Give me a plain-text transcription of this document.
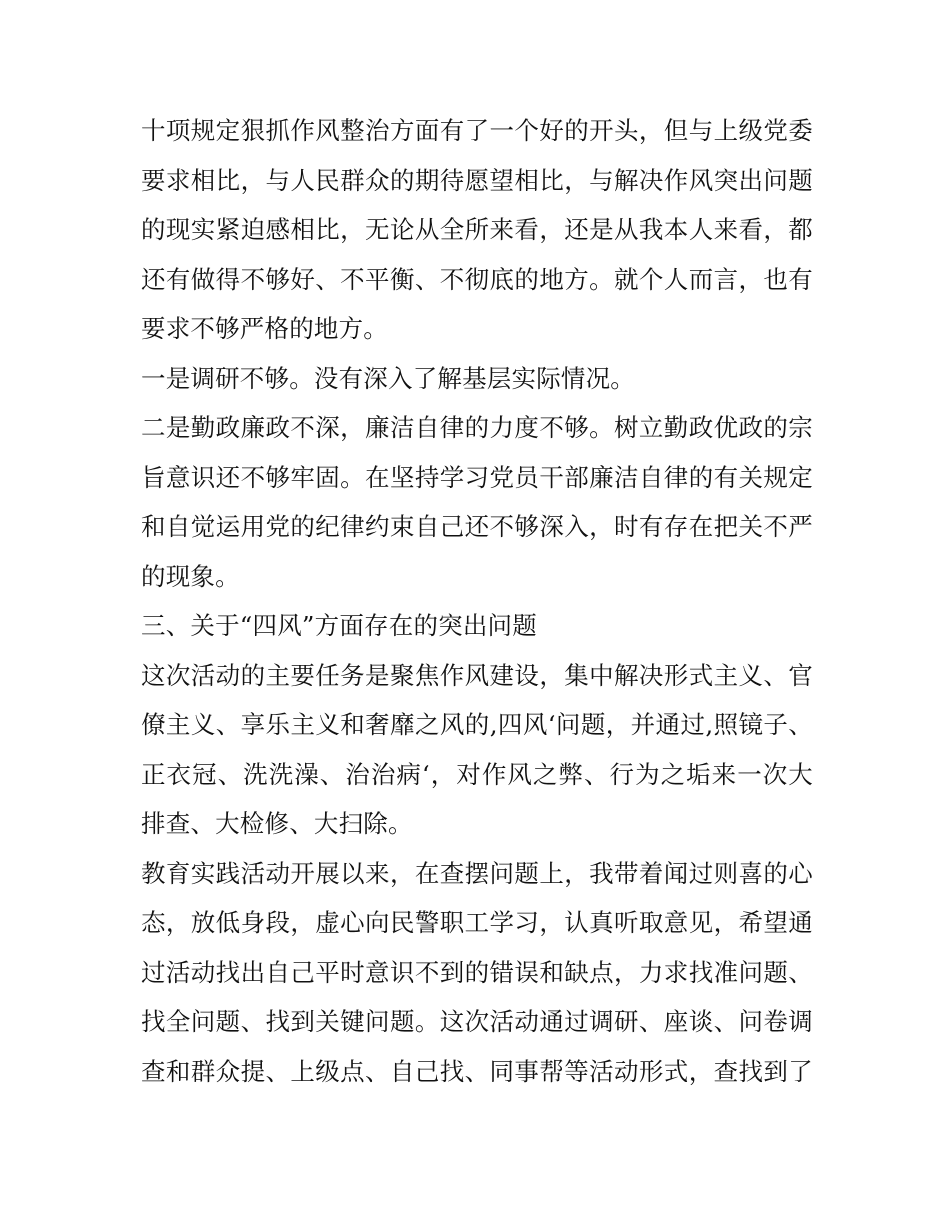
十项规定狠抓作风整治方面有了一个好的开头，但与上级党委
要求相比，与人民群众的期待愿望相比，与解决作风突出问题
的现实紧迫感相比，无论从全所来看，还是从我本人来看，都
还有做得不够好、不平衡、不彻底的地方。就个人而言，也有
要求不够严格的地方。
一是调研不够。没有深入了解基层实际情况。
二是勤政廉政不深，廉洁自律的力度不够。树立勤政优政的宗
旨意识还不够牢固。在坚持学习党员干部廉洁自律的有关规定
和自觉运用党的纪律约束自己还不够深入，时有存在把关不严
的现象。
三、关于“四风”方面存在的突出问题
这次活动的主要任务是聚焦作风建设，集中解决形式主义、官
僚主义、享乐主义和奢靡之风的,四风‘问题，并通过,照镜子、
正衣冠、洗洗澡、治治病‘，对作风之弊、行为之垢来一次大
排查、大检修、大扫除。
教育实践活动开展以来，在查摆问题上，我带着闻过则喜的心
态，放低身段，虚心向民警职工学习，认真听取意见，希望通
过活动找出自己平时意识不到的错误和缺点，力求找准问题、
找全问题、找到关键问题。这次活动通过调研、座谈、问卷调
查和群众提、上级点、自己找、同事帮等活动形式，查找到了
